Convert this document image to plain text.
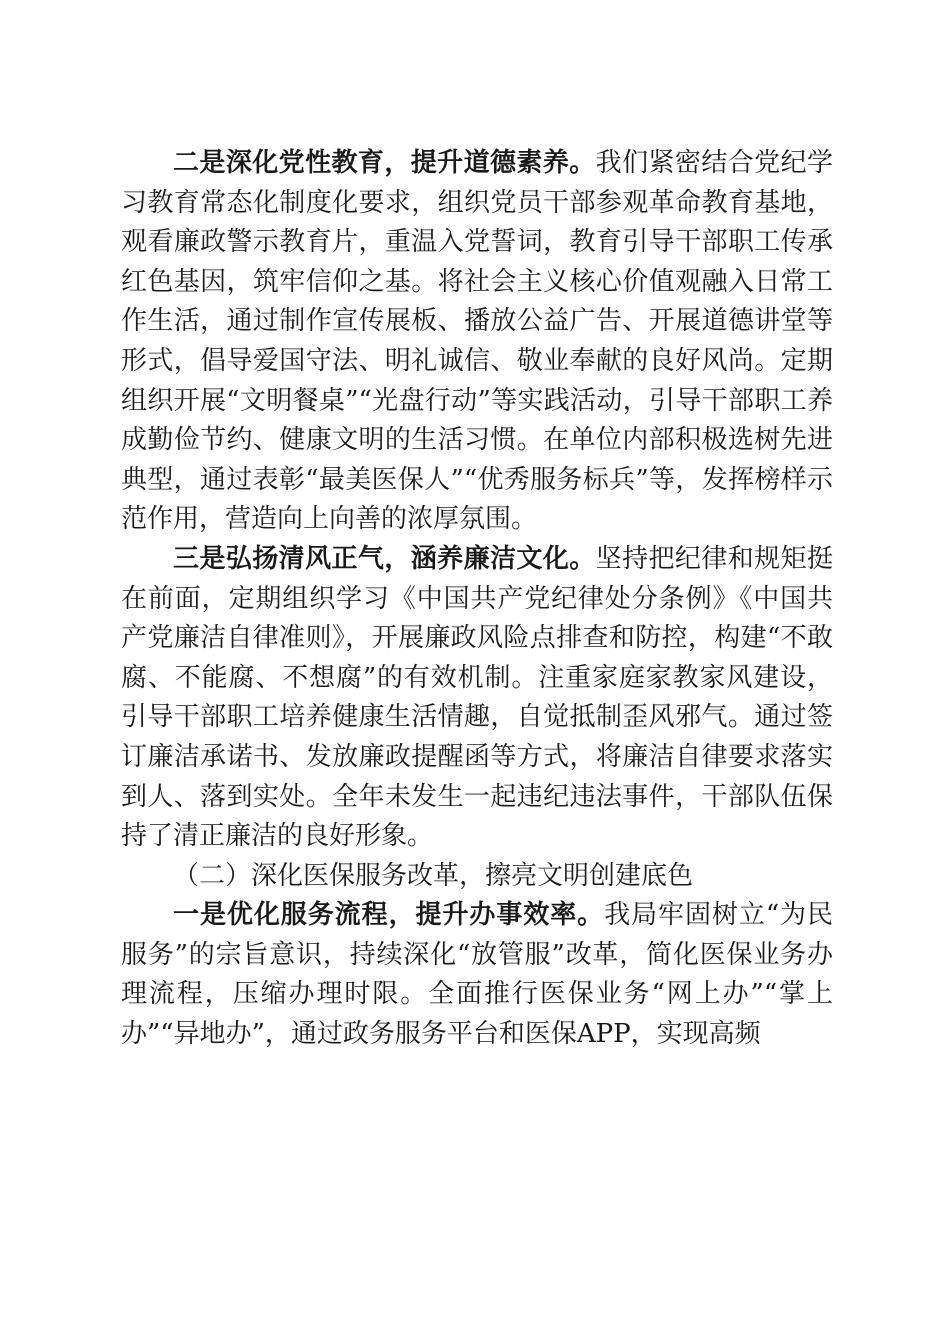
二是深化党性教育，提升道德素养。我们紧密结合党纪学习教育常态化制度化要求，组织党员干部参观革命教育基地，观看廉政警示教育片，重温入党誓词，教育引导干部职工传承红色基因，筑牢信仰之基。将社会主义核心价值观融入日常工作生活，通过制作宣传展板、播放公益广告、开展道德讲堂等形式，倡导爱国守法、明礼诚信、敬业奉献的良好风尚。定期组织开展“文明餐桌”“光盘行动”等实践活动，引导干部职工养成勤俭节约、健康文明的生活习惯。在单位内部积极选树先进典型，通过表彰“最美医保人”“优秀服务标兵”等，发挥榜样示范作用，营造向上向善的浓厚氛围。

三是弘扬清风正气，涵养廉洁文化。坚持把纪律和规矩挺在前面，定期组织学习《中国共产党纪律处分条例》《中国共产党廉洁自律准则》，开展廉政风险点排查和防控，构建“不敢腐、不能腐、不想腐”的有效机制。注重家庭家教家风建设，引导干部职工培养健康生活情趣，自觉抵制歪风邪气。通过签订廉洁承诺书、发放廉政提醒函等方式，将廉洁自律要求落实到人、落到实处。全年未发生一起违纪违法事件，干部队伍保持了清正廉洁的良好形象。

（二）深化医保服务改革，擦亮文明创建底色

一是优化服务流程，提升办事效率。我局牢固树立“为民服务”的宗旨意识，持续深化“放管服”改革，简化医保业务办理流程，压缩办理时限。全面推行医保业务“网上办”“掌上办”“异地办”，通过政务服务平台和医保APP，实现高频
